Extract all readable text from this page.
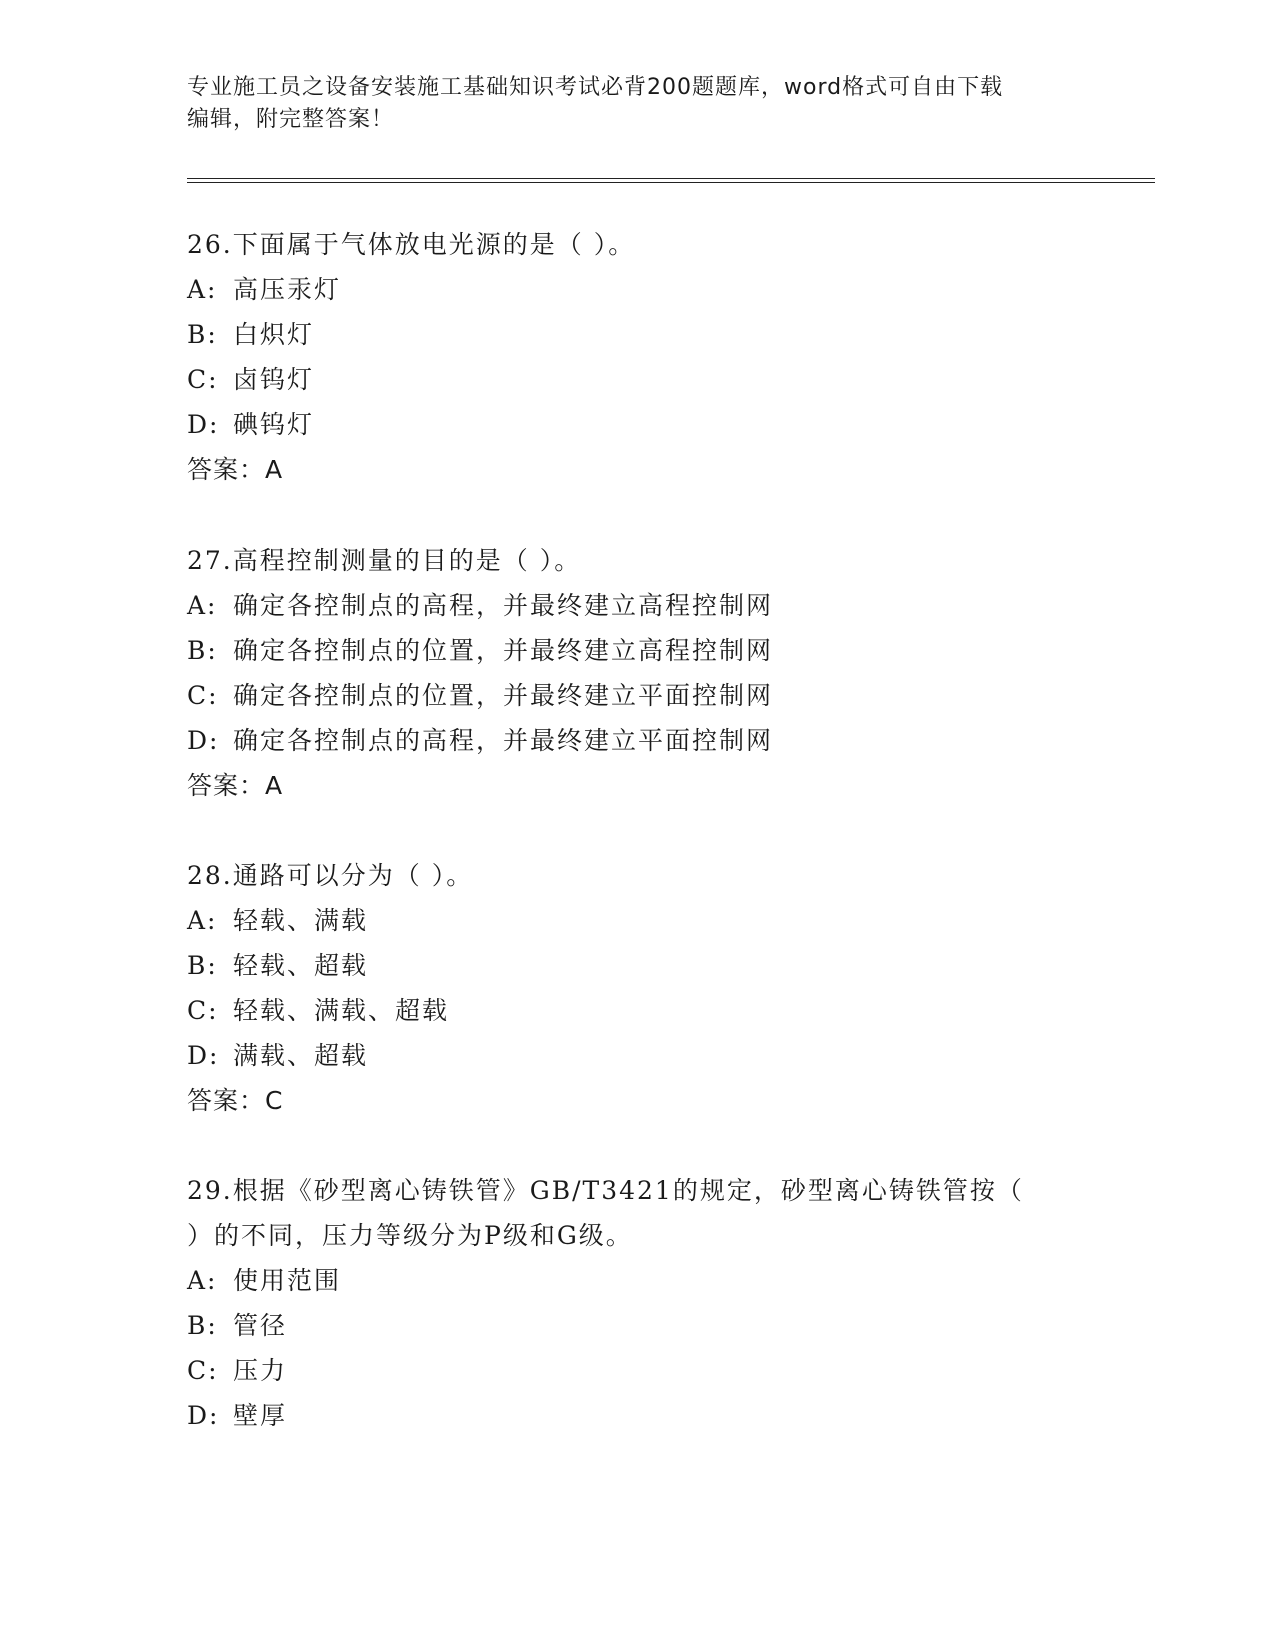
专业施工员之设备安装施工基础知识考试必背200题题库，word格式可自由下载
编辑，附完整答案！

26.下面属于气体放电光源的是（ ）。

A: 高压汞灯

B: 白炽灯

C: 卤钨灯

D: 碘钨灯

答案：A

27.高程控制测量的目的是（ ）。

A: 确定各控制点的高程，并最终建立高程控制网

B: 确定各控制点的位置，并最终建立高程控制网

C: 确定各控制点的位置，并最终建立平面控制网

D: 确定各控制点的高程，并最终建立平面控制网

答案：A

28.通路可以分为（ ）。

A: 轻载、满载

B: 轻载、超载

C: 轻载、满载、超载

D: 满载、超载

答案：C

29.根据《砂型离心铸铁管》GB/T3421的规定，砂型离心铸铁管按（

）的不同，压力等级分为P级和G级。

A: 使用范围

B: 管径

C: 压力

D: 壁厚
